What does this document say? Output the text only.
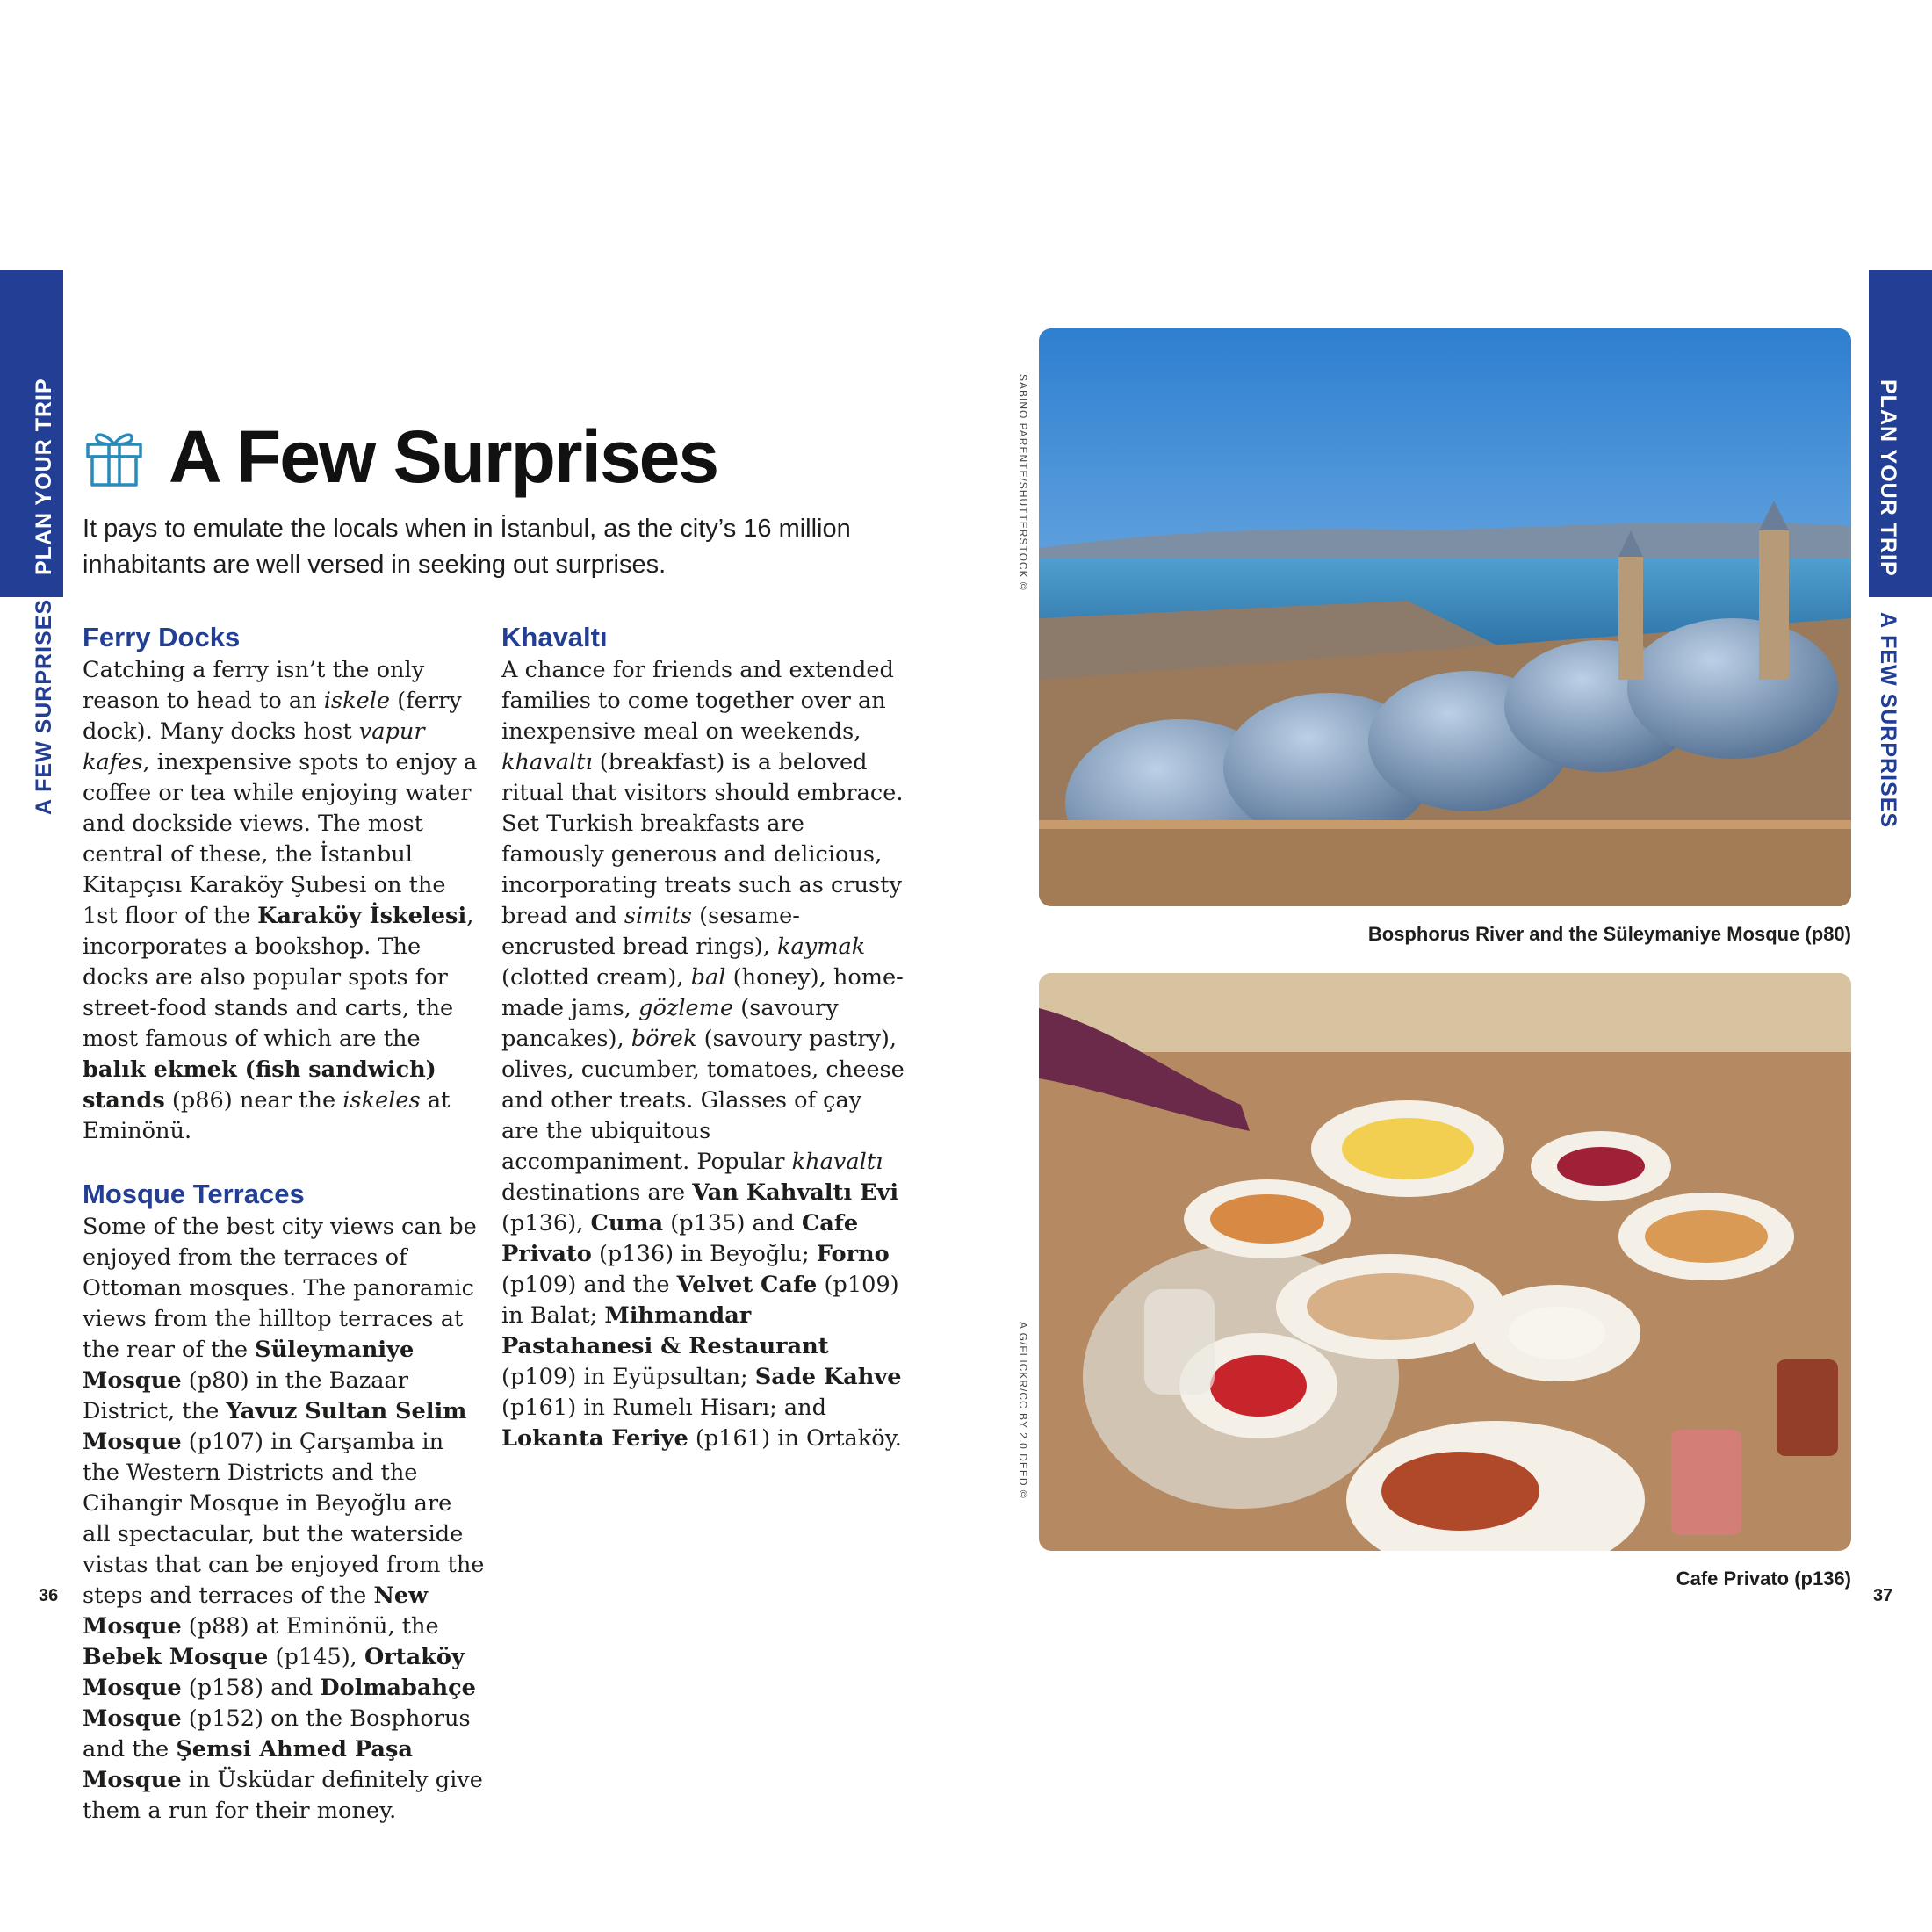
PLAN YOUR TRIP
A FEW SURPRISES
PLAN YOUR TRIP
A FEW SURPRISES
A Few Surprises
It pays to emulate the locals when in İstanbul, as the city’s 16 million inhabitants are well versed in seeking out surprises.
Ferry Docks

Catching a ferry isn’t the only reason to head to an iskele (ferry dock). Many docks host vapur kafes, inexpensive spots to enjoy a coffee or tea while enjoying water and dockside views. The most central of these, the İstanbul Kitapçısı Karaköy Şubesi on the 1st floor of the Karaköy İskelesi, incorporates a bookshop. The docks are also popular spots for street-food stands and carts, the most famous of which are the balık ekmek (fish sandwich) stands (p86) near the iskeles at Eminönü.

Mosque Terraces

Some of the best city views can be enjoyed from the terraces of Ottoman mosques. The panoramic views from the hilltop terraces at the rear of the Süleymaniye Mosque (p80) in the Bazaar District, the Yavuz Sultan Selim Mosque (p107) in Çarşamba in the Western Districts and the Cihangir Mosque in Beyoğlu are all spectacular, but the waterside vistas that can be enjoyed from the steps and terraces of the New Mosque (p88) at Eminönü, the Bebek Mosque (p145), Ortaköy Mosque (p158) and Dolmabahçe Mosque (p152) on the Bosphorus and the Şemsi Ahmed Paşa Mosque in Üsküdar definitely give them a run for their money.

Khavaltı

A chance for friends and extended families to come together over an inexpensive meal on weekends, khavaltı (breakfast) is a beloved ritual that visitors should embrace. Set Turkish breakfasts are famously generous and delicious, incorporating treats such as crusty bread and simits (sesame-encrusted bread rings), kaymak (clotted cream), bal (honey), home-made jams, gözleme (savoury pancakes), börek (savoury pastry), olives, cucumber, tomatoes, cheese and other treats. Glasses of çay are the ubiquitous accompaniment. Popular khavaltı destinations are Van Kahvaltı Evi (p136), Cuma (p135) and Cafe Privato (p136) in Beyoğlu; Forno (p109) and the Velvet Cafe (p109) in Balat; Mihmandar Pastahanesi & Restaurant (p109) in Eyüpsultan; Sade Kahve (p161) in Rumelı Hisarı; and Lokanta Feriye (p161) in Ortaköy.

SABINO PARENTE/SHUTTERSTOCK ©
Bosphorus River and the Süleymaniye Mosque (p80)
A G/FLICKR/CC BY 2.0 DEED ©
Cafe Privato (p136)
36	37
